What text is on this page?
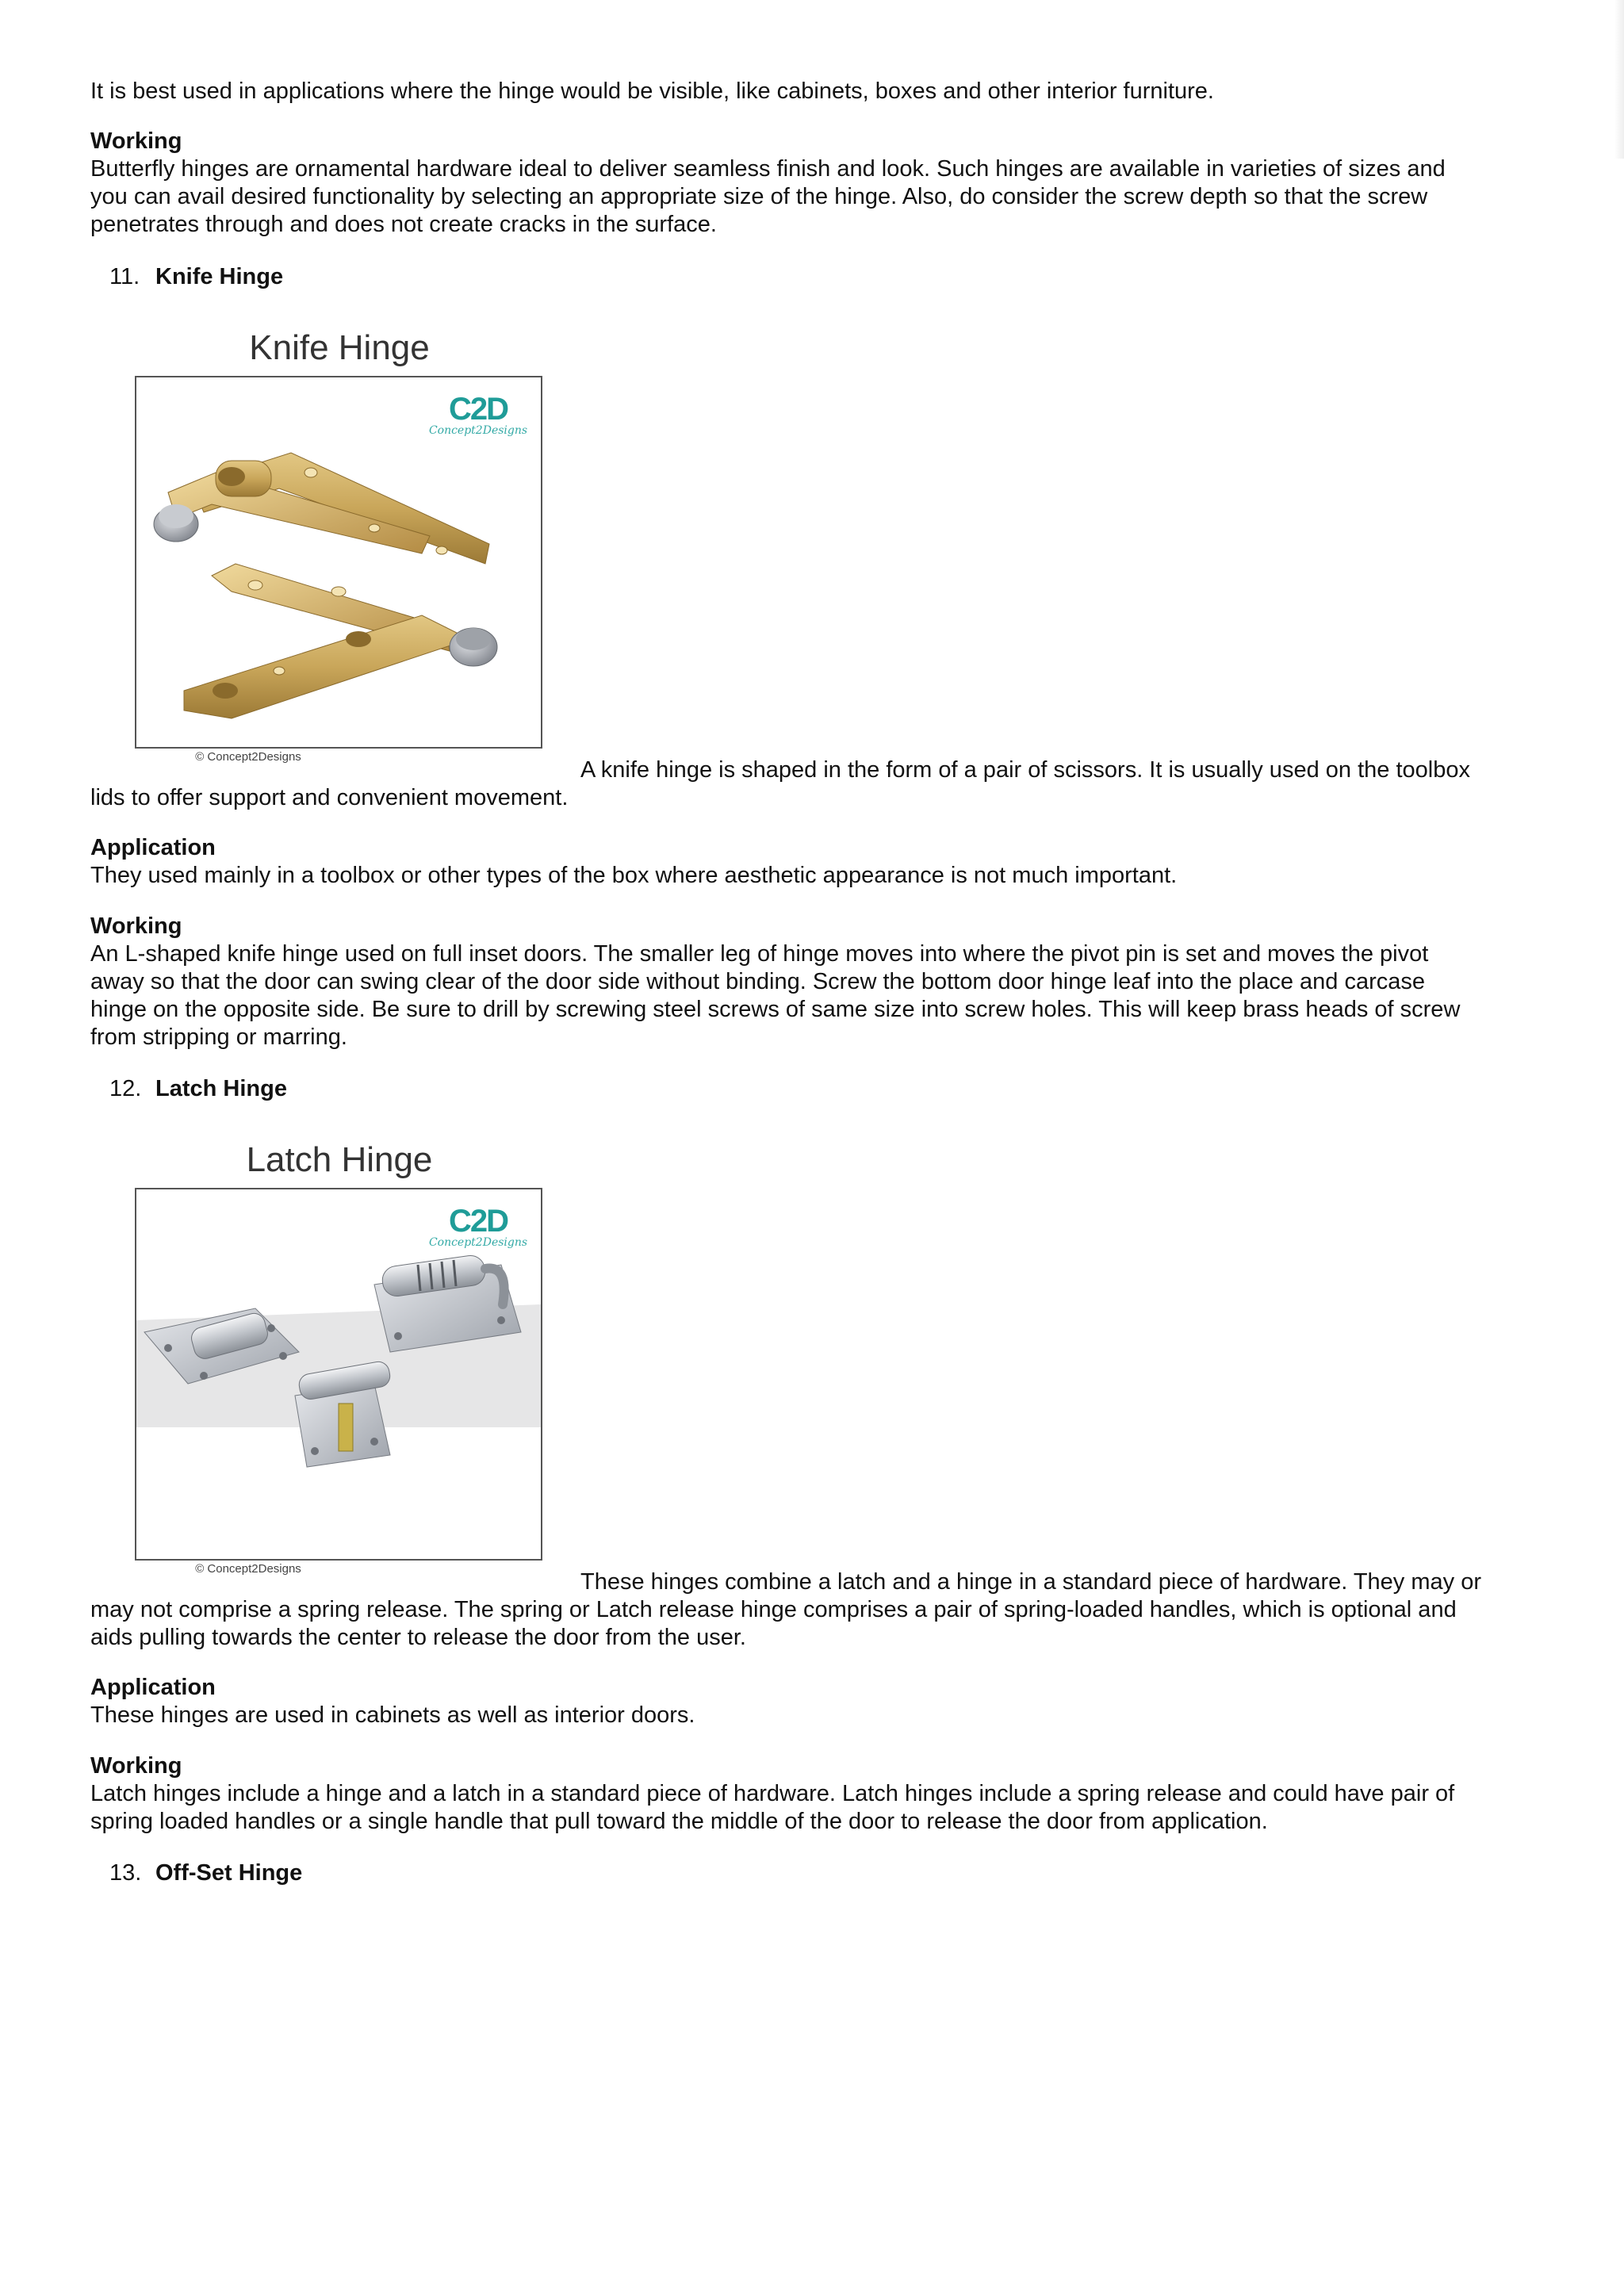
It is best used in applications where the hinge would be visible, like cabinets, boxes and other interior furniture.

Working
Butterfly hinges are ornamental hardware ideal to deliver seamless finish and look. Such hinges are available in varieties of sizes and
you can avail desired functionality by selecting an appropriate size of the hinge. Also, do consider the screw depth so that the screw
penetrates through and does not create cracks in the surface.
11. Knife Hinge
Knife Hinge
C2D
Concept2Designs
© Concept2Designs
A knife hinge is shaped in the form of a pair of scissors. It is usually used on the toolbox
lids to offer support and convenient movement.
Application
They used mainly in a toolbox or other types of the box where aesthetic appearance is not much important.
Working
An L-shaped knife hinge used on full inset doors. The smaller leg of hinge moves into where the pivot pin is set and moves the pivot
away so that the door can swing clear of the door side without binding. Screw the bottom door hinge leaf into the place and carcase
hinge on the opposite side. Be sure to drill by screwing steel screws of same size into screw holes. This will keep brass heads of screw
from stripping or marring.
12. Latch Hinge
Latch Hinge
C2D
Concept2Designs
© Concept2Designs
These hinges combine a latch and a hinge in a standard piece of hardware. They may or
may not comprise a spring release. The spring or Latch release hinge comprises a pair of spring-loaded handles, which is optional and
aids pulling towards the center to release the door from the user.
Application
These hinges are used in cabinets as well as interior doors.
Working
Latch hinges include a hinge and a latch in a standard piece of hardware. Latch hinges include a spring release and could have pair of
spring loaded handles or a single handle that pull toward the middle of the door to release the door from application.
13. Off-Set Hinge
